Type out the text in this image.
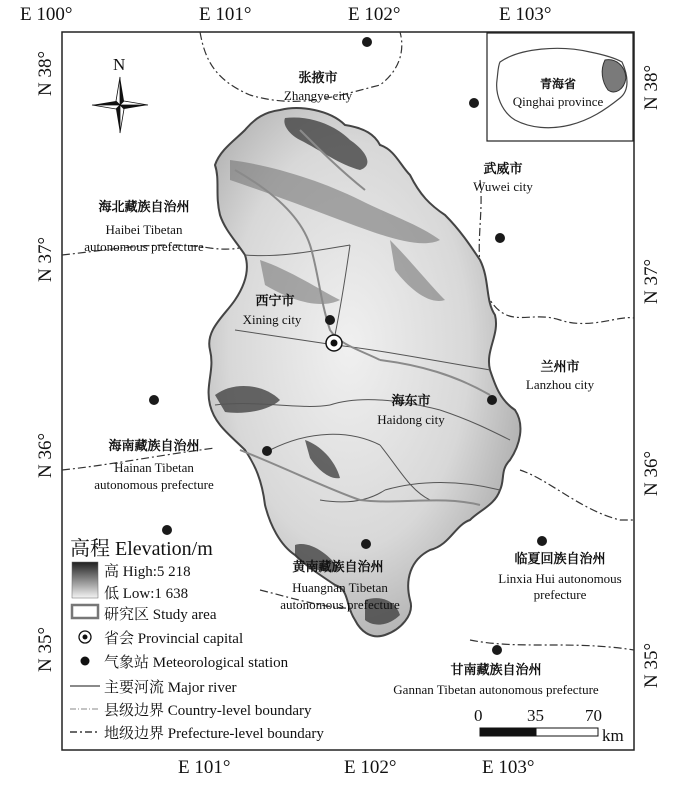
E 100°	E 101°	E 102°	E 103°
E 101°	E 102°	E 103°
N 38°
N 37°
N 36°
N 35°
N 38°
N 37°
N 36°
N 35°
N
青海省
Qinghai province
张掖市
Zhangye city
武威市
Wuwei city
海北藏族自治州
Haibei Tibetan
autonomous prefecture
西宁市
Xining city
兰州市
Lanzhou city
海东市
Haidong city
海南藏族自治州
Hainan Tibetan
autonomous prefecture
黄南藏族自治州
Huangnan Tibetan
autonomous prefecture
临夏回族自治州
Linxia Hui autonomous
prefecture
甘南藏族自治州
Gannan Tibetan autonomous prefecture
高程 Elevation/m
高 High:5 218
低 Low:1 638
研究区 Study area
省会 Provincial capital
气象站 Meteorological station
主要河流 Major river
县级边界 Country-level boundary
地级边界 Prefecture-level boundary
0	35 70
km
